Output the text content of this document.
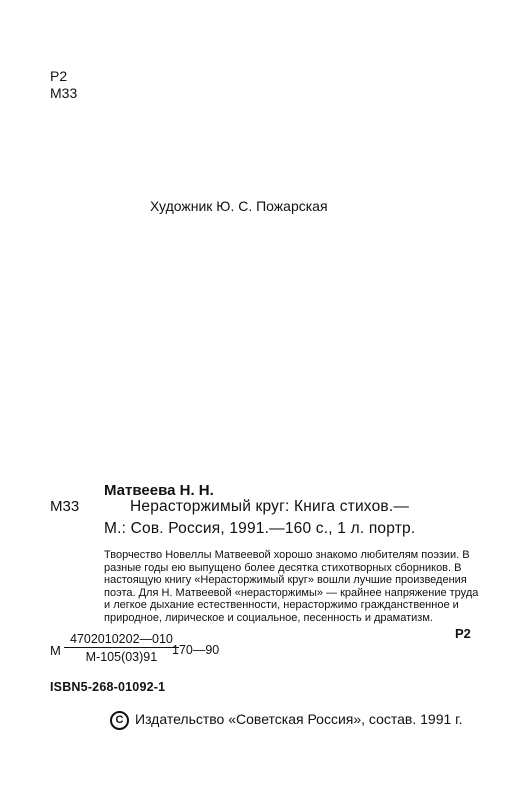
Р2
М33
Художник Ю. С. Пожарская
Матвеева Н. Н.
М33	Нерасторжимый круг: Книга стихов.—
М.: Сов. Россия, 1991.—160 с., 1 л. портр.
Творчество Новеллы Матвеевой хорошо знакомо любителям поэзии. В разные годы ею выпущено более десятка стихотворных сборников. В настоящую книгу «Нерасторжимый круг» вошли лучшие произведения поэта. Для Н. Матвеевой «нерасторжимы» — крайнее напряжение труда и легкое дыхание естественности, нерасторжимо гражданственное и природное, лирическое и социальное, песенность и драматизм.
Р2
М
4702010202—010
М-105(03)91	170—90
ISBN5-268-01092-1
C Издательство «Советская Россия», состав. 1991 г.
